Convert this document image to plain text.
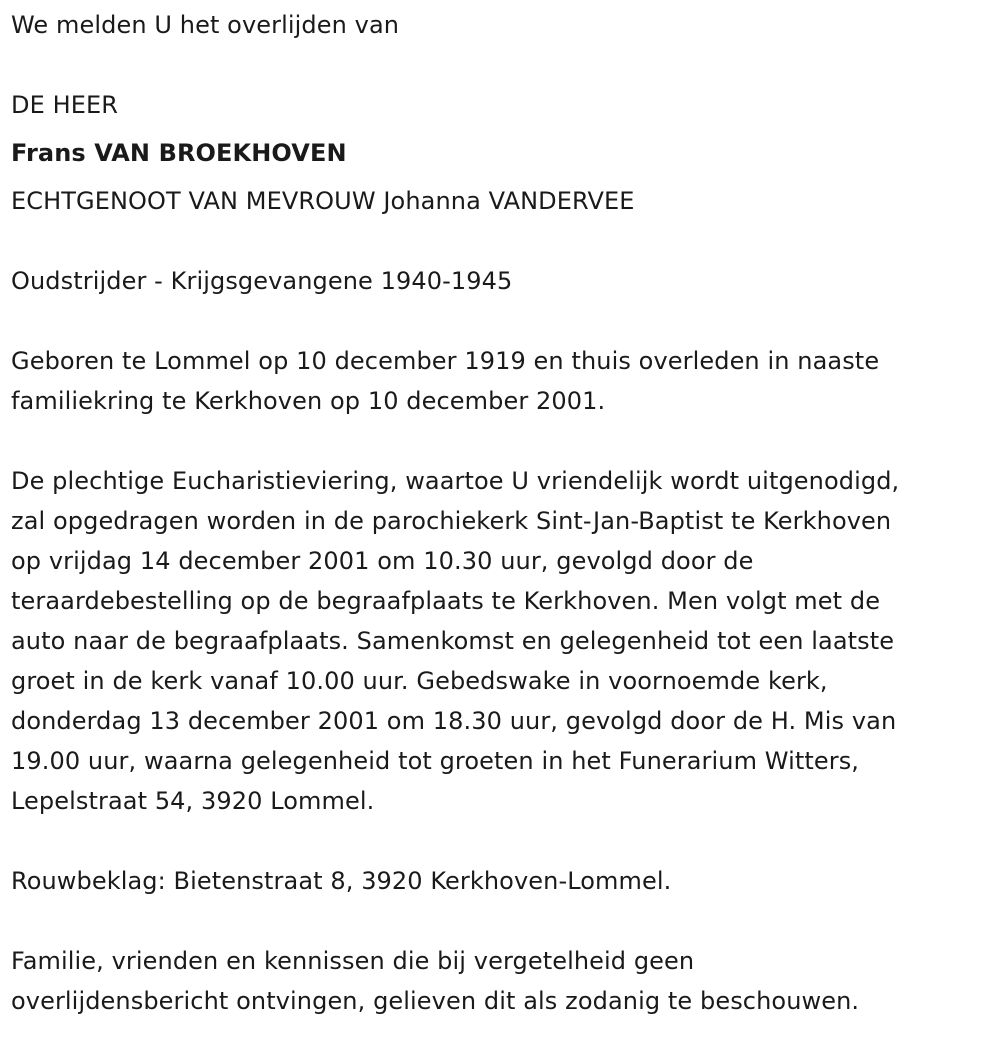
We melden U het overlijden van

DE HEER

Frans VAN BROEKHOVEN

ECHTGENOOT VAN MEVROUW Johanna VANDERVEE

Oudstrijder - Krijgsgevangene 1940-1945

Geboren te Lommel op 10 december 1919 en thuis overleden in naaste

familiekring te Kerkhoven op 10 december 2001.

De plechtige Eucharistieviering, waartoe U vriendelijk wordt uitgenodigd,

zal opgedragen worden in de parochiekerk Sint-Jan-Baptist te Kerkhoven

op vrijdag 14 december 2001 om 10.30 uur, gevolgd door de

teraardebestelling op de begraafplaats te Kerkhoven. Men volgt met de

auto naar de begraafplaats. Samenkomst en gelegenheid tot een laatste

groet in de kerk vanaf 10.00 uur. Gebedswake in voornoemde kerk,

donderdag 13 december 2001 om 18.30 uur, gevolgd door de H. Mis van

19.00 uur, waarna gelegenheid tot groeten in het Funerarium Witters,

Lepelstraat 54, 3920 Lommel.

Rouwbeklag: Bietenstraat 8, 3920 Kerkhoven-Lommel.

Familie, vrienden en kennissen die bij vergetelheid geen

overlijdensbericht ontvingen, gelieven dit als zodanig te beschouwen.
